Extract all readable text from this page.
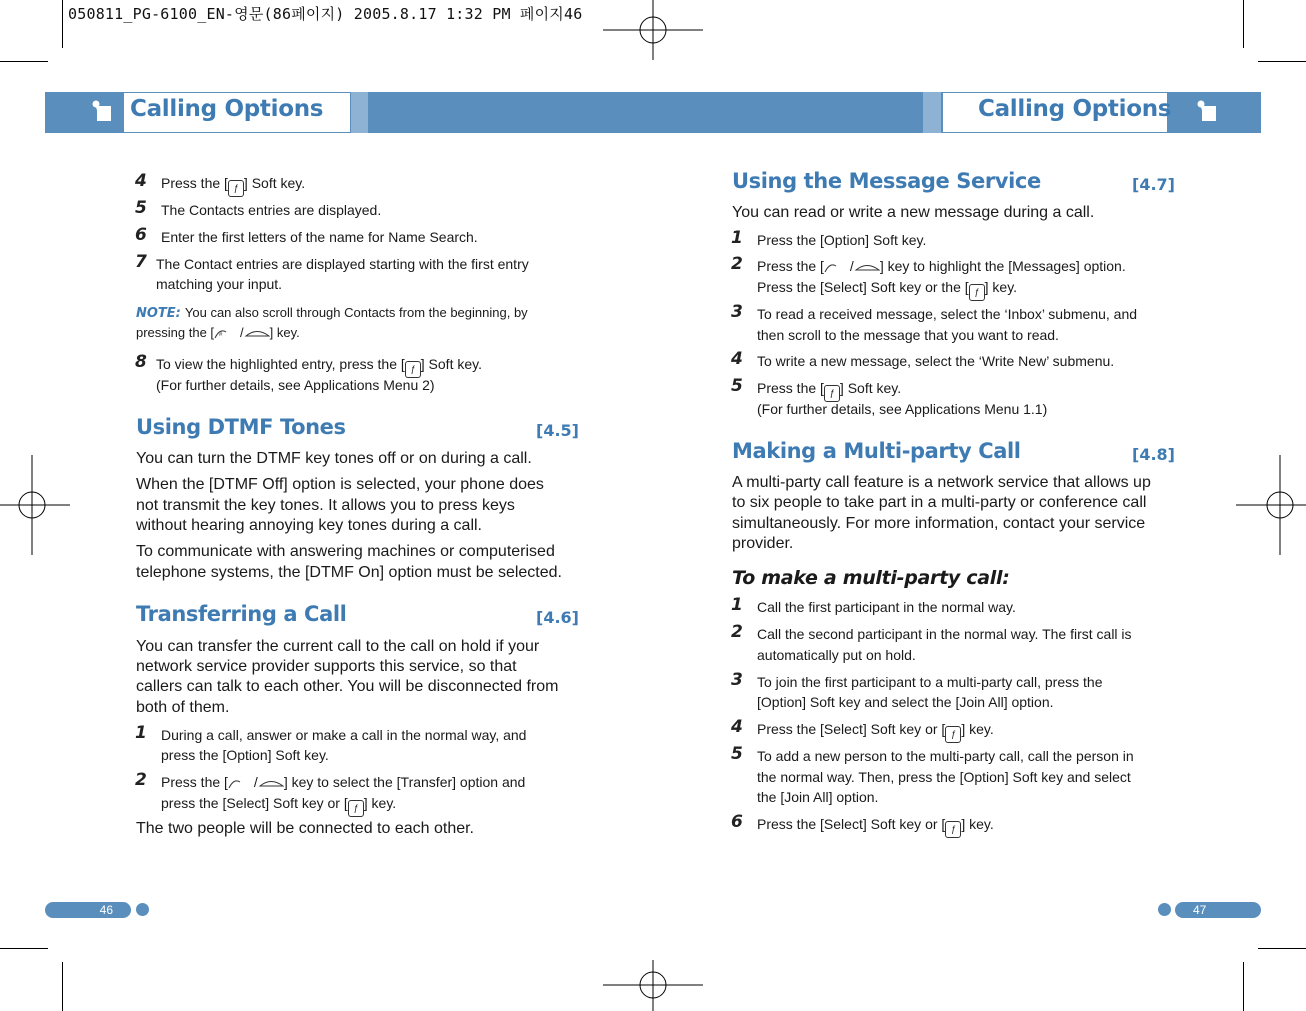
050811_PG-6100_EN-영문(86페이지) 2005.8.17 1:32 PM 페이지46
Calling Options	Calling Options
4 Press the [ ƒ ] Soft key.
5 The Contacts entries are displayed.
6 Enter the first letters of the name for Name Search.
7 The Contact entries are displayed starting with the first entry
matching your input.
NOTE: You can also scroll through Contacts from the beginning, by
pressing the [ # / ] key.
8 To view the highlighted entry, press the [ ƒ ] Soft key.
(For further details, see Applications Menu 2)
Using DTMF Tones	[4.5]
You can turn the DTMF key tones off or on during a call.
When the [DTMF Off] option is selected, your phone does
not transmit the key tones. It allows you to press keys
without hearing annoying key tones during a call.
To communicate with answering machines or computerised
telephone systems, the [DTMF On] option must be selected.
Transferring a Call	[4.6]
You can transfer the current call to the call on hold if your
network service provider supports this service, so that
callers can talk to each other. You will be disconnected from
both of them.
1 During a call, answer or make a call in the normal way, and
press the [Option] Soft key.
2 Press the [ / ] key to select the [Transfer] option and
press the [Select] Soft key or [ ƒ ] key.
The two people will be connected to each other.
Using the Message Service	[4.7]
You can read or write a new message during a call.
1 Press the [Option] Soft key.
2 Press the [ / ] key to highlight the [Messages] option.
Press the [Select] Soft key or the [ ƒ ] key.
3 To read a received message, select the ‘Inbox’ submenu, and
then scroll to the message that you want to read.
4 To write a new message, select the ‘Write New’ submenu.
5 Press the [ ƒ ] Soft key.
(For further details, see Applications Menu 1.1)
Making a Multi-party Call	[4.8]
A multi-party call feature is a network service that allows up
to six people to take part in a multi-party or conference call
simultaneously. For more information, contact your service
provider.
To make a multi-party call:
1 Call the first participant in the normal way.
2 Call the second participant in the normal way. The first call is
automatically put on hold.
3 To join the first participant to a multi-party call, press the
[Option] Soft key and select the [Join All] option.
4 Press the [Select] Soft key or [ ƒ ] key.
5 To add a new person to the multi-party call, call the person in
the normal way. Then, press the [Option] Soft key and select
the [Join All] option.
6 Press the [Select] Soft key or [ ƒ ] key.
46	47
